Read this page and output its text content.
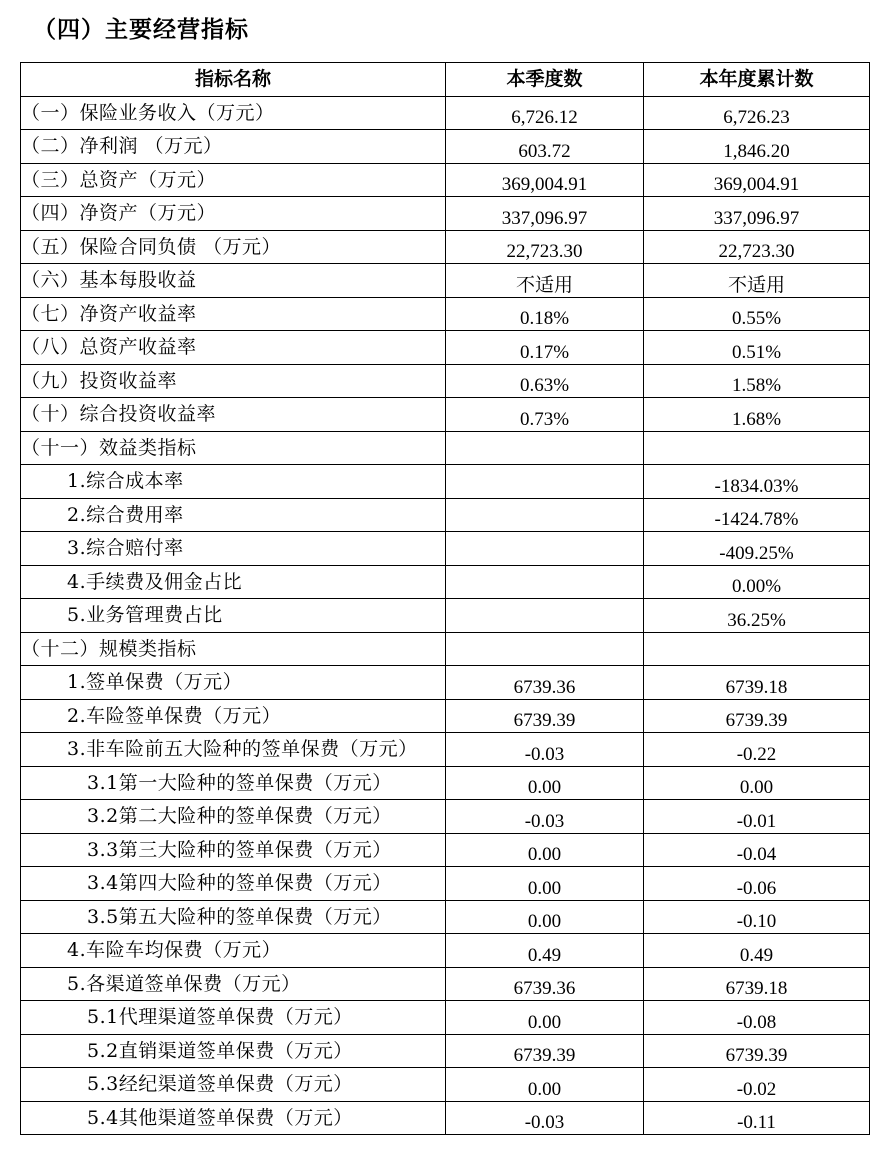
（四）主要经营指标
指标名称	本季度数	本年度累计数
（一）保险业务收入（万元）	6,726.12	6,726.23
（二）净利润 （万元）	603.72	1,846.20
（三）总资产（万元）	369,004.91	369,004.91
（四）净资产（万元）	337,096.97	337,096.97
（五）保险合同负债 （万元）	22,723.30	22,723.30
（六）基本每股收益	不适用	不适用
（七）净资产收益率	0.18%	0.55%
（八）总资产收益率	0.17%	0.51%
（九）投资收益率	0.63%	1.58%
（十）综合投资收益率	0.73%	1.68%
（十一）效益类指标		
1.综合成本率		-1834.03%
2.综合费用率		-1424.78%
3.综合赔付率		-409.25%
4.手续费及佣金占比		0.00%
5.业务管理费占比		36.25%
（十二）规模类指标		
1.签单保费（万元）	6739.36	6739.18
2.车险签单保费（万元）	6739.39	6739.39
3.非车险前五大险种的签单保费（万元）	-0.03	-0.22
3.1第一大险种的签单保费（万元）	0.00	0.00
3.2第二大险种的签单保费（万元）	-0.03	-0.01
3.3第三大险种的签单保费（万元）	0.00	-0.04
3.4第四大险种的签单保费（万元）	0.00	-0.06
3.5第五大险种的签单保费（万元）	0.00	-0.10
4.车险车均保费（万元）	0.49	0.49
5.各渠道签单保费（万元）	6739.36	6739.18
5.1代理渠道签单保费（万元）	0.00	-0.08
5.2直销渠道签单保费（万元）	6739.39	6739.39
5.3经纪渠道签单保费（万元）	0.00	-0.02
5.4其他渠道签单保费（万元）	-0.03	-0.11
